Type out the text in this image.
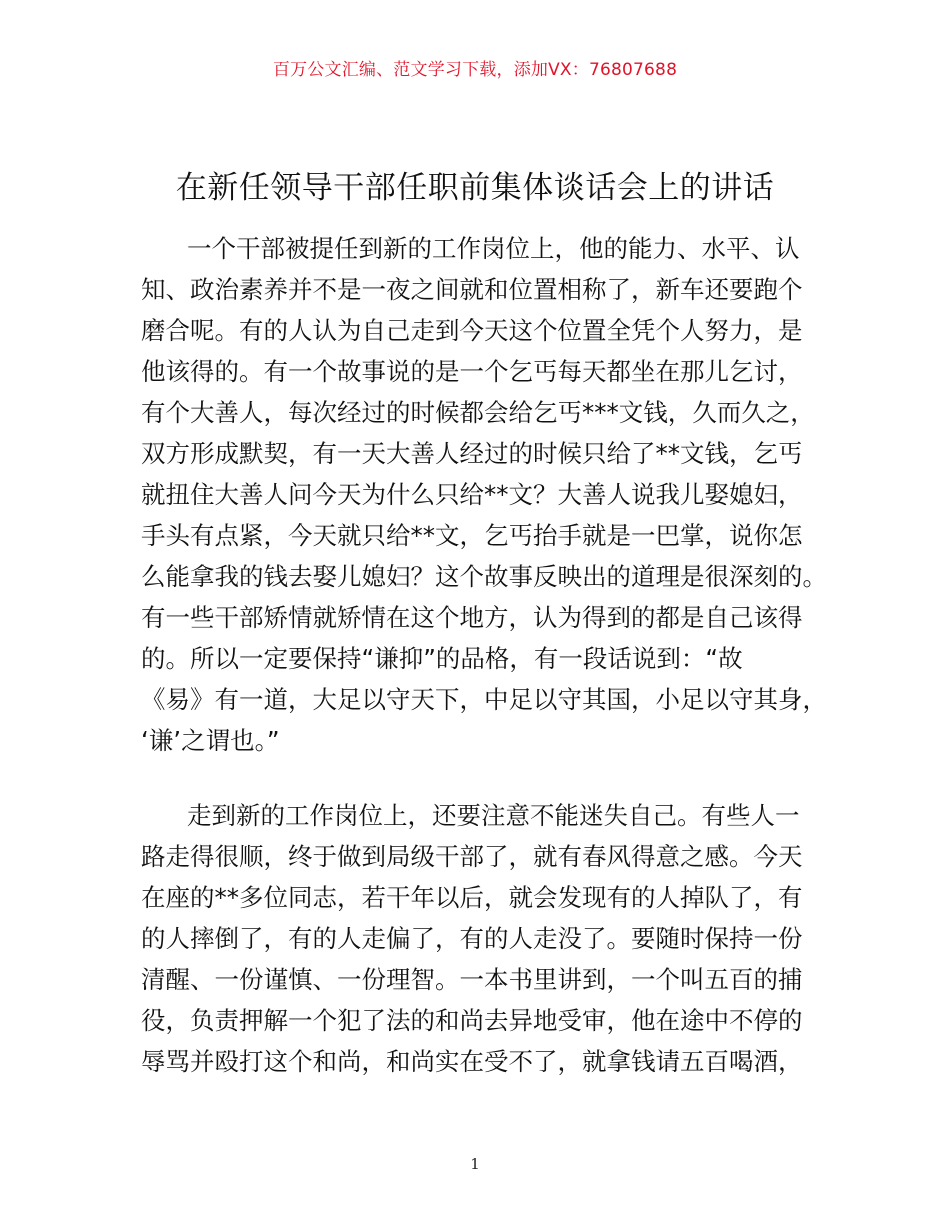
百万公文汇编、范文学习下载，添加VX：76807688
在新任领导干部任职前集体谈话会上的讲话
一个干部被提任到新的工作岗位上，他的能力、水平、认
知、政治素养并不是一夜之间就和位置相称了，新车还要跑个
磨合呢。有的人认为自己走到今天这个位置全凭个人努力，是
他该得的。有一个故事说的是一个乞丐每天都坐在那儿乞讨，
有个大善人，每次经过的时候都会给乞丐***文钱，久而久之，
双方形成默契，有一天大善人经过的时候只给了**文钱，乞丐
就扭住大善人问今天为什么只给**文？大善人说我儿娶媳妇，
手头有点紧，今天就只给**文，乞丐抬手就是一巴掌，说你怎
么能拿我的钱去娶儿媳妇？这个故事反映出的道理是很深刻的。
有一些干部矫情就矫情在这个地方，认为得到的都是自己该得
的。所以一定要保持“谦抑”的品格，有一段话说到：“故
《易》有一道，大足以守天下，中足以守其国，小足以守其身，
‘谦’之谓也。”
走到新的工作岗位上，还要注意不能迷失自己。有些人一
路走得很顺，终于做到局级干部了，就有春风得意之感。今天
在座的**多位同志，若干年以后，就会发现有的人掉队了，有
的人摔倒了，有的人走偏了，有的人走没了。要随时保持一份
清醒、一份谨慎、一份理智。一本书里讲到，一个叫五百的捕
役，负责押解一个犯了法的和尚去异地受审，他在途中不停的
辱骂并殴打这个和尚，和尚实在受不了，就拿钱请五百喝酒，
1
